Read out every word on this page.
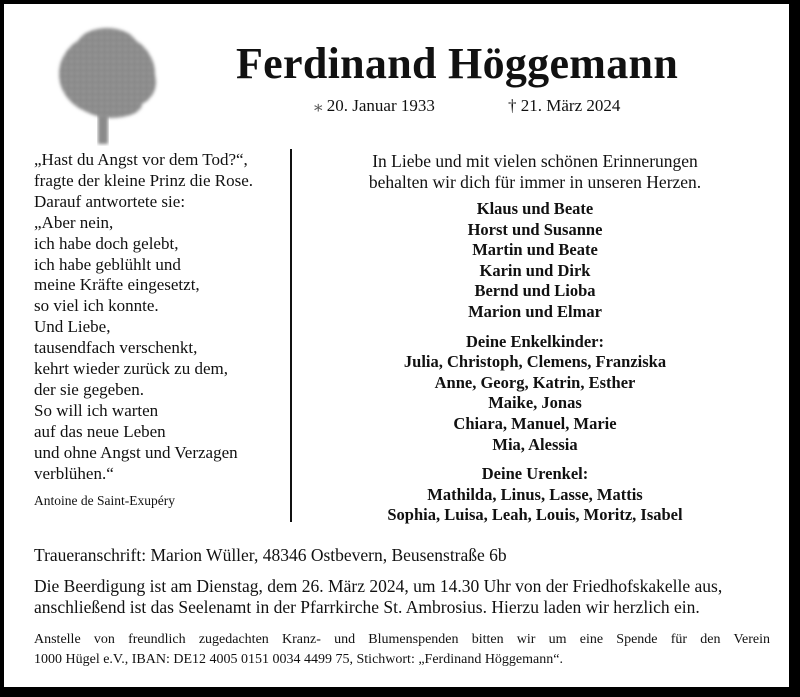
Ferdinand Höggemann
⁎ 20. Januar 1933	† 21. März 2024
„Hast du Angst vor dem Tod?“,
fragte der kleine Prinz die Rose.
Darauf antwortete sie:
„Aber nein,
ich habe doch gelebt,
ich habe geblühlt und
meine Kräfte eingesetzt,
so viel ich konnte.
Und Liebe,
tausendfach verschenkt,
kehrt wieder zurück zu dem,
der sie gegeben.
So will ich warten
auf das neue Leben
und ohne Angst und Verzagen
verblühen.“
Antoine de Saint-Exupéry
In Liebe und mit vielen schönen Erinnerungen
behalten wir dich für immer in unseren Herzen.
Klaus und Beate
Horst und Susanne
Martin und Beate
Karin und Dirk
Bernd und Lioba
Marion und Elmar
Deine Enkelkinder:
Julia, Christoph, Clemens, Franziska
Anne, Georg, Katrin, Esther
Maike, Jonas
Chiara, Manuel, Marie
Mia, Alessia
Deine Urenkel:
Mathilda, Linus, Lasse, Mattis
Sophia, Luisa, Leah, Louis, Moritz, Isabel
Traueranschrift: Marion Wüller, 48346 Ostbevern, Beusenstraße 6b
Die Beerdigung ist am Dienstag, dem 26. März 2024, um 14.30 Uhr von der Friedhofskakelle aus,
anschließend ist das Seelenamt in der Pfarrkirche St. Ambrosius. Hierzu laden wir herzlich ein.
Anstelle von freundlich zugedachten Kranz- und Blumenspenden bitten wir um eine Spende für den Verein
1000 Hügel e.V., IBAN: DE12 4005 0151 0034 4499 75, Stichwort: „Ferdinand Höggemann“.
